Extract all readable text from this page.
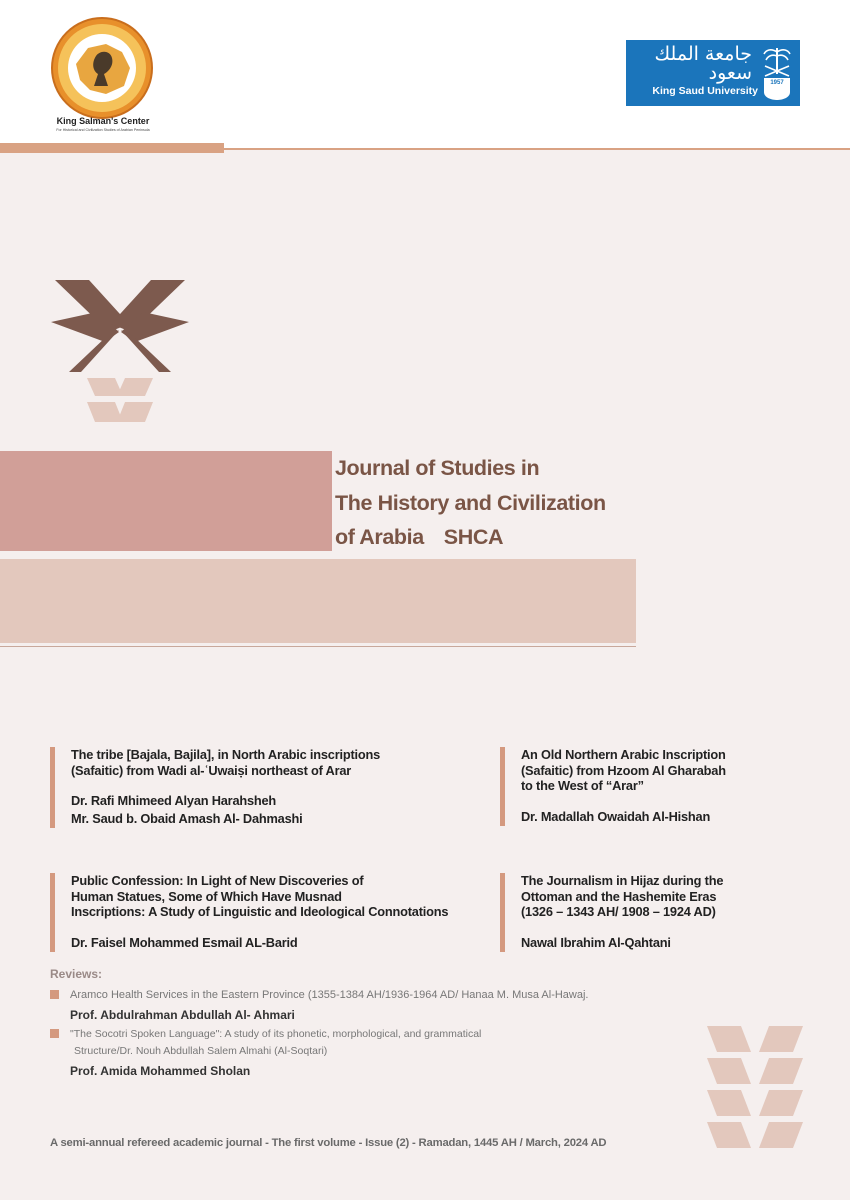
King Salman's Center
For Historical and Civilization Studies of Arabian Peninsula
جامعة الملك سعود
King Saud University
1957
Journal of Studies in
The History and Civilization
of Arabia SHCA
The tribe [Bajala, Bajila], in North Arabic inscriptions
(Safaitic) from Wadi al-ʿUwaiṣi northeast of Arar
Dr. Rafi Mhimeed Alyan Harahsheh
Mr. Saud b. Obaid Amash Al- Dahmashi
An Old Northern Arabic Inscription
(Safaitic) from Hzoom Al Gharabah
to the West of “Arar”
Dr. Madallah Owaidah Al-Hishan
Public Confession: In Light of New Discoveries of
Human Statues, Some of Which Have Musnad
Inscriptions: A Study of Linguistic and Ideological Connotations
Dr. Faisel Mohammed Esmail AL-Barid
The Journalism in Hijaz during the
Ottoman and the Hashemite Eras
(1326 – 1343 AH/ 1908 – 1924 AD)
Nawal Ibrahim Al-Qahtani
Reviews:
Aramco Health Services in the Eastern Province (1355-1384 AH/1936-1964 AD/ Hanaa M. Musa Al-Hawaj.
Prof. Abdulrahman Abdullah Al- Ahmari
"The Socotri Spoken Language": A study of its phonetic, morphological, and grammatical
Structure/Dr. Nouh Abdullah Salem Almahi (Al-Soqtari)
Prof. Amida Mohammed Sholan
A semi-annual refereed academic journal - The first volume - Issue (2) - Ramadan, 1445 AH / March, 2024 AD
